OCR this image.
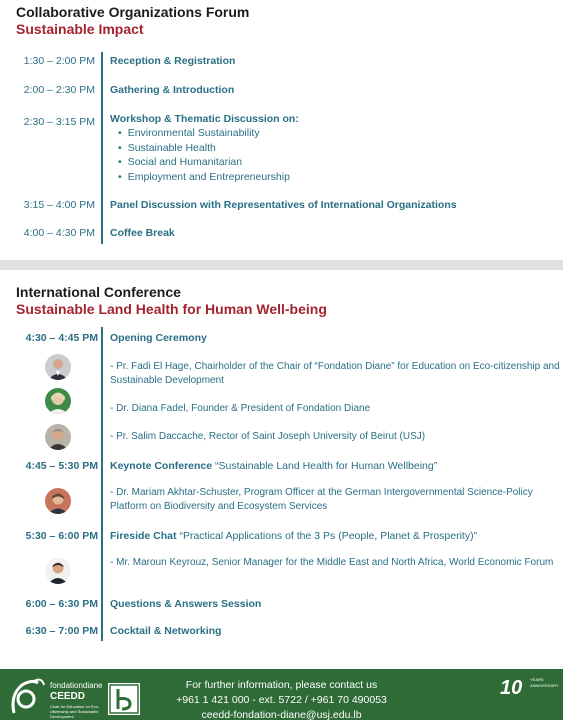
Collaborative Organizations Forum
Sustainable Impact
1:30 – 2:00 PM Reception & Registration
2:00 – 2:30 PM Gathering & Introduction
2:30 – 3:15 PM Workshop & Thematic Discussion on:
• Environmental Sustainability
• Sustainable Health
• Social and Humanitarian
• Employment and Entrepreneurship
3:15 – 4:00 PM Panel Discussion with Representatives of International Organizations
4:00 – 4:30 PM Coffee Break
International Conference
Sustainable Land Health for Human Well-being
4:30 – 4:45 PM Opening Ceremony
- Pr. Fadi El Hage, Chairholder of the Chair of “Fondation Diane” for Education on Eco-citizenship and Sustainable Development
- Dr. Diana Fadel, Founder & President of Fondation Diane
- Pr. Salim Daccache, Rector of Saint Joseph University of Beirut (USJ)
4:45 – 5:30 PM Keynote Conference “Sustainable Land Health for Human Wellbeing”
- Dr. Mariam Akhtar-Schuster, Program Officer at the German Intergovernmental Science-Policy Platform on Biodiversity and Ecosystem Services
5:30 – 6:00 PM Fireside Chat “Practical Applications of the 3 Ps (People, Planet & Prosperity)”
- Mr. Maroun Keyrouz, Senior Manager for the Middle East and North Africa, World Economic Forum
6:00 – 6:30 PM Questions & Answers Session
6:30 – 7:00 PM Cocktail & Networking
fondationdiane
CEEDD
Chair for Education on Eco-citizenship and Sustainable Development
For further information, please contact us
+961 1 421 000 - ext. 5722 / +961 70 490053
ceedd-fondation-diane@usj.edu.lb
10 YEARS ANNIVERSARY
